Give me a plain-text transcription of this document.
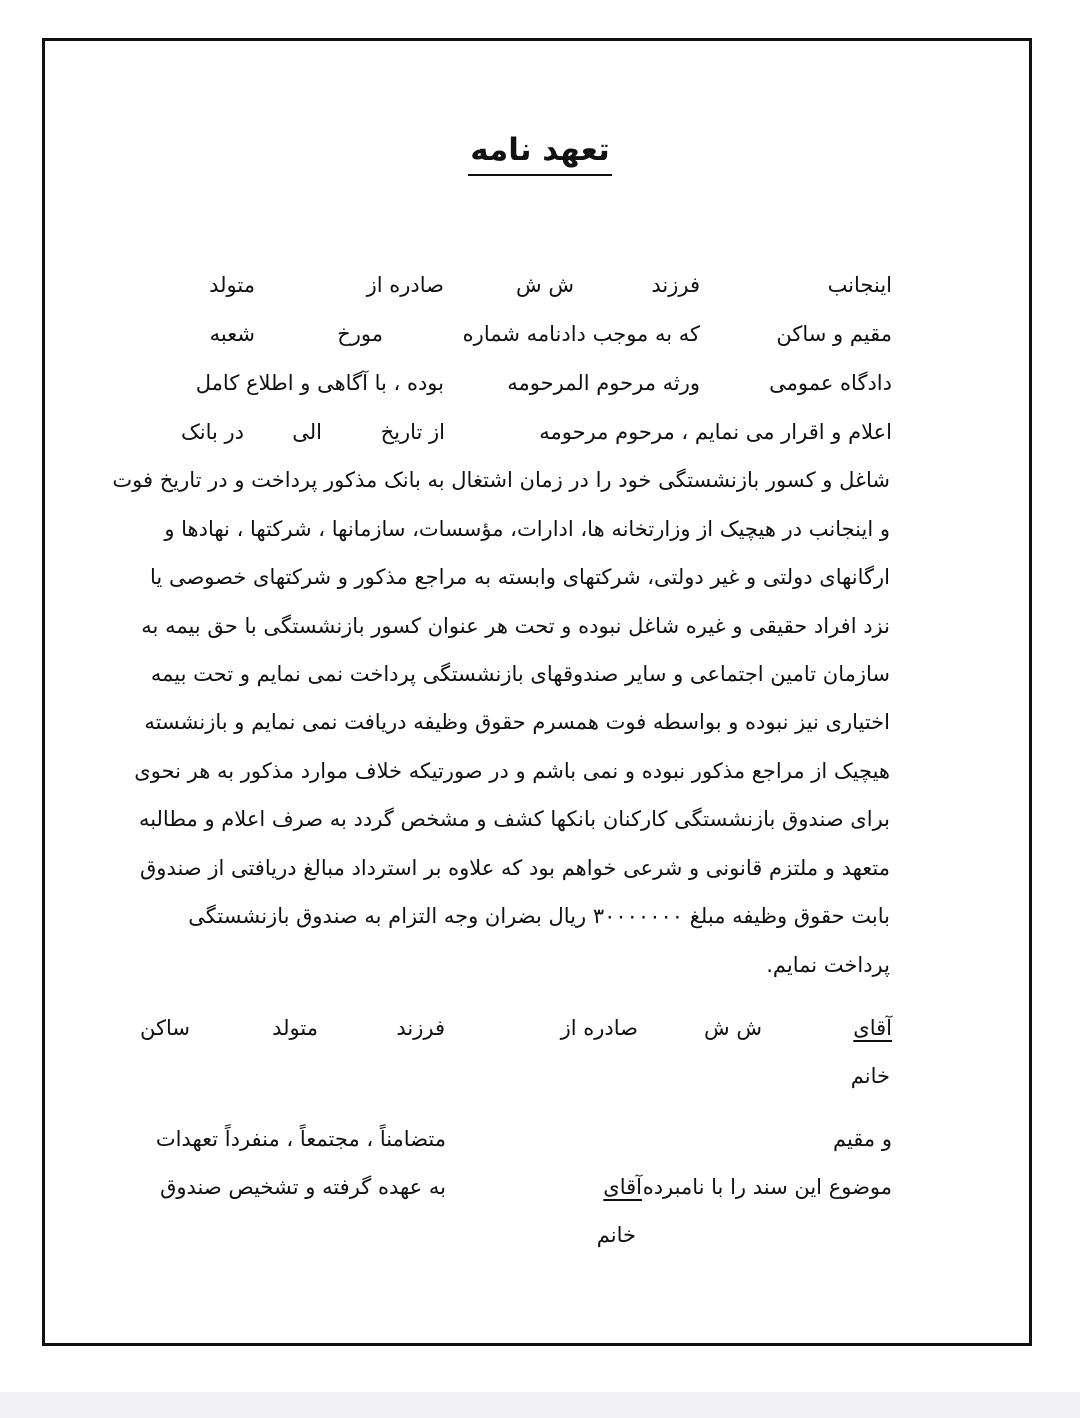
تعهد نامه
اینجانب
فرزند
ش ش
صادره از
متولد
مقیم و ساکن
که به موجب دادنامه شماره
مورخ
شعبه
دادگاه عمومی
ورثه مرحوم المرحومه
بوده ، با آگاهی و اطلاع کامل
اعلام و اقرار می نمایم ، مرحوم مرحومه
از تاریخ
الی
در بانک
شاغل و کسور بازنشستگی خود را در زمان اشتغال به بانک مذکور پرداخت و در تاریخ فوت
و اینجانب در هیچیک از وزارتخانه ها، ادارات، مؤسسات، سازمانها ، شرکتها ، نهادها و
ارگانهای دولتی و غیر دولتی، شرکتهای وابسته به مراجع مذکور و شرکتهای خصوصی یا
نزد افراد حقیقی و غیره شاغل نبوده و تحت هر عنوان کسور بازنشستگی با حق بیمه به
سازمان تامین اجتماعی و سایر صندوقهای بازنشستگی پرداخت نمی نمایم و تحت بیمه
اختیاری نیز نبوده و بواسطه فوت همسرم حقوق وظیفه دریافت نمی نمایم و بازنشسته
هیچیک از مراجع مذکور نبوده و نمی باشم و در صورتیکه خلاف موارد مذکور به هر نحوی
برای صندوق بازنشستگی کارکنان بانکها کشف و مشخص گردد به صرف اعلام و مطالبه
متعهد و ملتزم قانونی و شرعی خواهم بود که علاوه بر استرداد مبالغ دریافتی از صندوق
بابت حقوق وظیفه مبلغ ۳۰۰۰۰۰۰۰ ریال بضران وجه التزام به صندوق بازنشستگی
پرداخت نمایم.
آقای
ش ش
صادره از
فرزند
متولد
ساکن
خانم
و مقیم
متضامناً ، مجتمعاً ، منفرداً تعهدات
موضوع این سند را با نامبرده
آقای
به عهده گرفته و تشخیص صندوق
خانم
